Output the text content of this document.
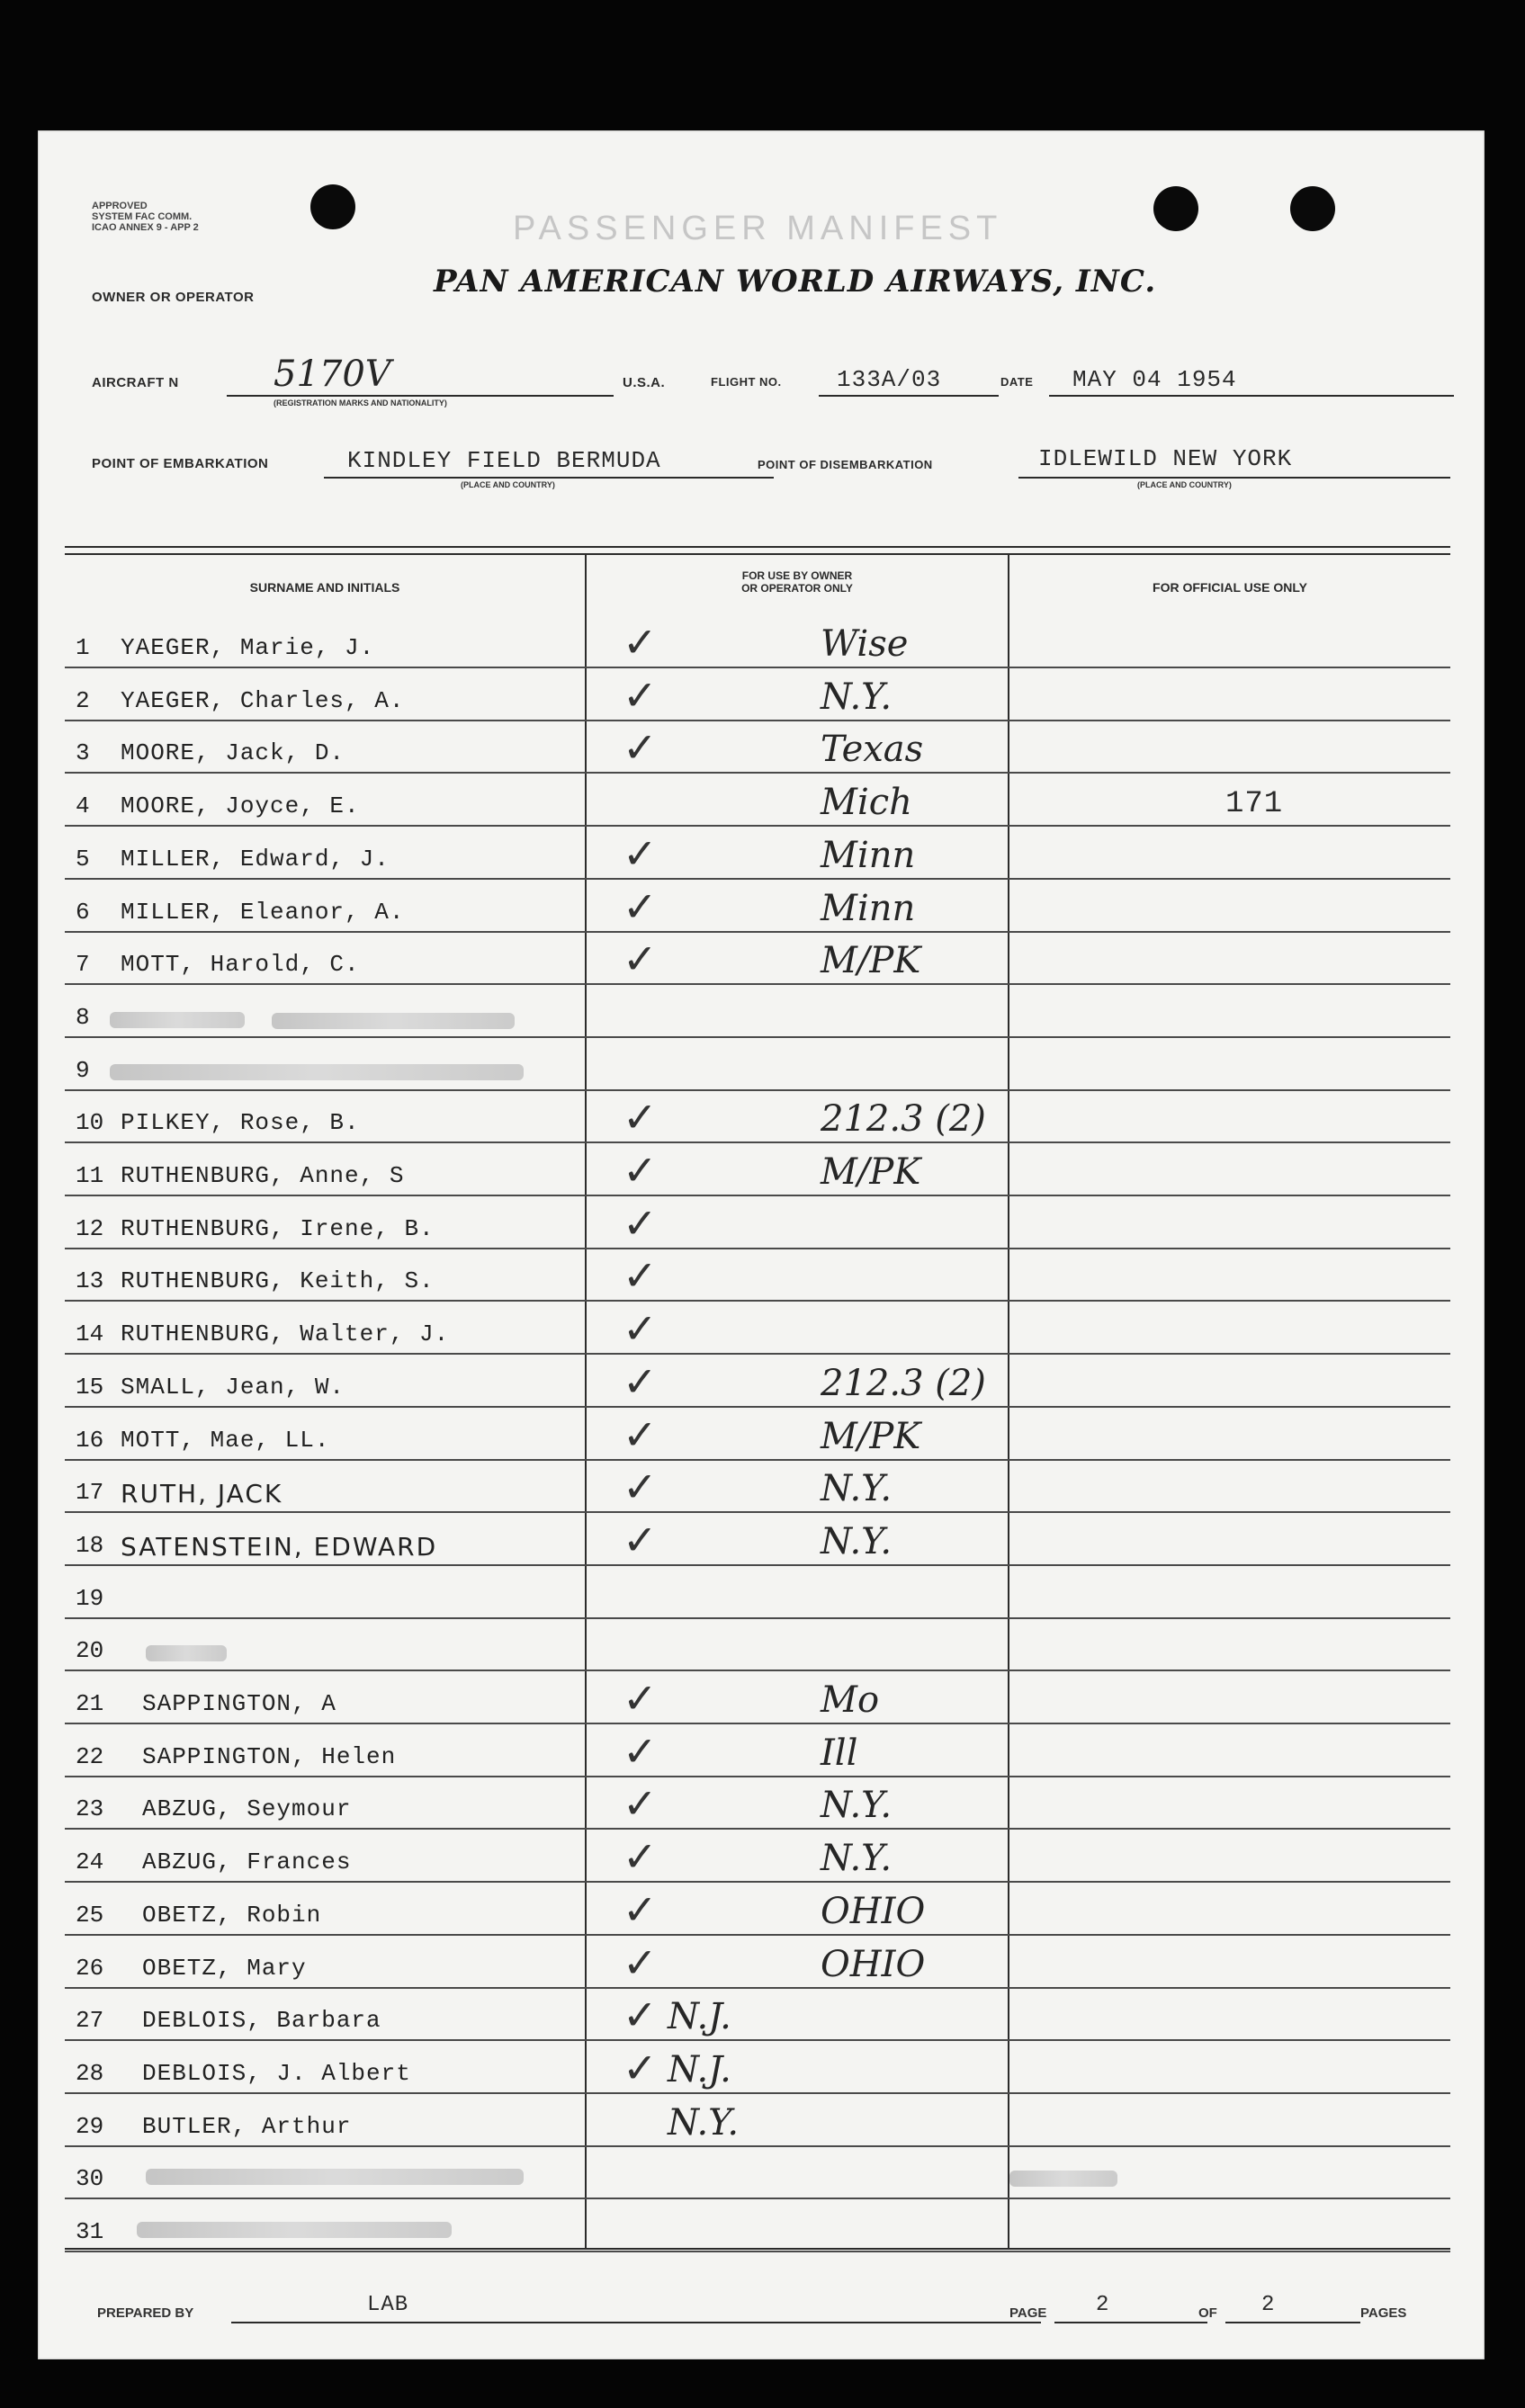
APPROVED
SYSTEM FAC COMM.
ICAO ANNEX 9 - APP 2	PASSENGER MANIFEST
OWNER OR OPERATOR	PAN AMERICAN WORLD AIRWAYS, INC.
AIRCRAFT N	5170V
(REGISTRATION MARKS AND NATIONALITY)
U.S.A.	FLIGHT NO. 133A/03	DATE MAY 04 1954
POINT OF EMBARKATION	KINDLEY FIELD BERMUDA
(PLACE AND COUNTRY)
POINT OF DISEMBARKATION	IDLEWILD NEW YORK
(PLACE AND COUNTRY)
SURNAME AND INITIALS
FOR USE BY OWNER
OR OPERATOR ONLY	FOR OFFICIAL USE ONLY
1 YAEGER, Marie, J.	✓	Wise
2 YAEGER, Charles, A.	✓	N.Y.
3 MOORE, Jack, D.	✓	Texas
4 MOORE, Joyce, E.	Mich	171
5 MILLER, Edward, J.	✓	Minn
6 MILLER, Eleanor, A.	✓	Minn
7 MOTT, Harold, C.	✓	M/PK
8
9
10 PILKEY, Rose, B.	✓	212.3 (2)
11 RUTHENBURG, Anne, S	✓	M/PK
12 RUTHENBURG, Irene, B.	✓
13 RUTHENBURG, Keith, S.	✓
14 RUTHENBURG, Walter, J.	✓
15 SMALL, Jean, W.	✓	212.3 (2)
16 MOTT, Mae, LL.	✓	M/PK
17 RUTH, JACK	✓	N.Y.
18 SATENSTEIN, EDWARD	✓	N.Y.
19
20
21 SAPPINGTON, A	✓	Mo
22 SAPPINGTON, Helen	✓	Ill
23 ABZUG, Seymour	✓	N.Y.
24 ABZUG, Frances	✓	N.Y.
25 OBETZ, Robin	✓	OHIO
26 OBETZ, Mary	✓	OHIO
27 DEBLOIS, Barbara	✓ N.J.
28 DEBLOIS, J. Albert	✓ N.J.
29 BUTLER, Arthur	N.Y.
30
31
PREPARED BY	LAB	PAGE 2	OF 2	PAGES
